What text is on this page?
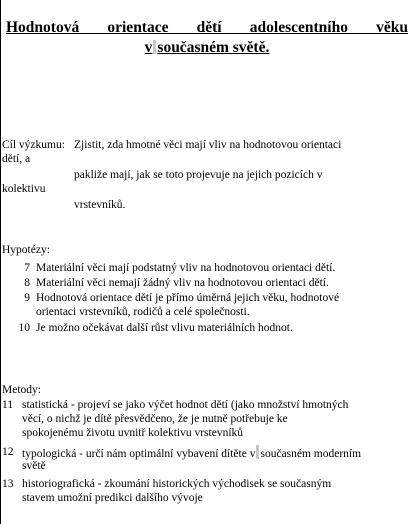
Hodnotová orientace dětí adolescentního věku
v současném světě.
Cíl výzkumu: Zjistit, zda hmotné věci mají vliv na hodnotovou orientaci
dětí, a
pakliže mají, jak se toto projevuje na jejich pozicích v
kolektivu
vrstevníků.
Hypotézy:
7 Materiální věci mají podstatný vliv na hodnotovou orientaci dětí.
8 Materiální věci nemají žádný vliv na hodnotovou orientaci dětí.
9 Hodnotová orientace dětí je přímo úměrná jejich věku, hodnotové
orientaci vrstevníků, rodičů a celé společnosti.
10 Je možno očekávat další růst vlivu materiálních hodnot.
Metody:
11 statistická - projeví se jako výčet hodnot dětí (jako množství hmotných
věcí, o nichž je dítě přesvědčeno, že je nutně potřebuje ke
spokojenému životu uvnitř kolektivu vrstevníků
12 typologická - určí nám optimální vybavení dítěte v současném moderním
světě
13 historiografická - zkoumání historických východisek se současným
stavem umožní predikci dalšího vývoje
